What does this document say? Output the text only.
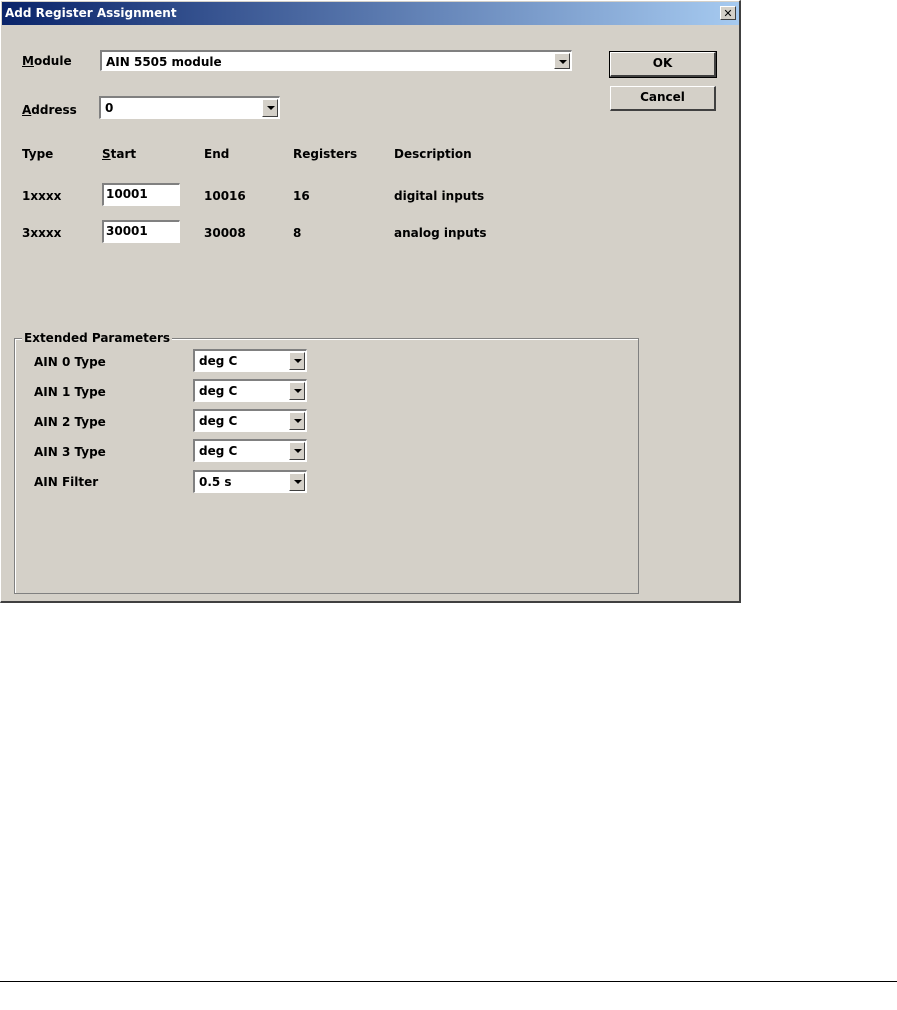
Add Register Assignment	✕
Module	AIN 5505 module
Address 0
OK
Cancel
Type	Start	End	Registers	Description
1xxxx	10001	10016	16	digital inputs
3xxxx	30001	30008	8	analog inputs
Extended Parameters
AIN 0 Type	deg C
AIN 1 Type	deg C
AIN 2 Type	deg C
AIN 3 Type	deg C
AIN Filter	0.5 s
